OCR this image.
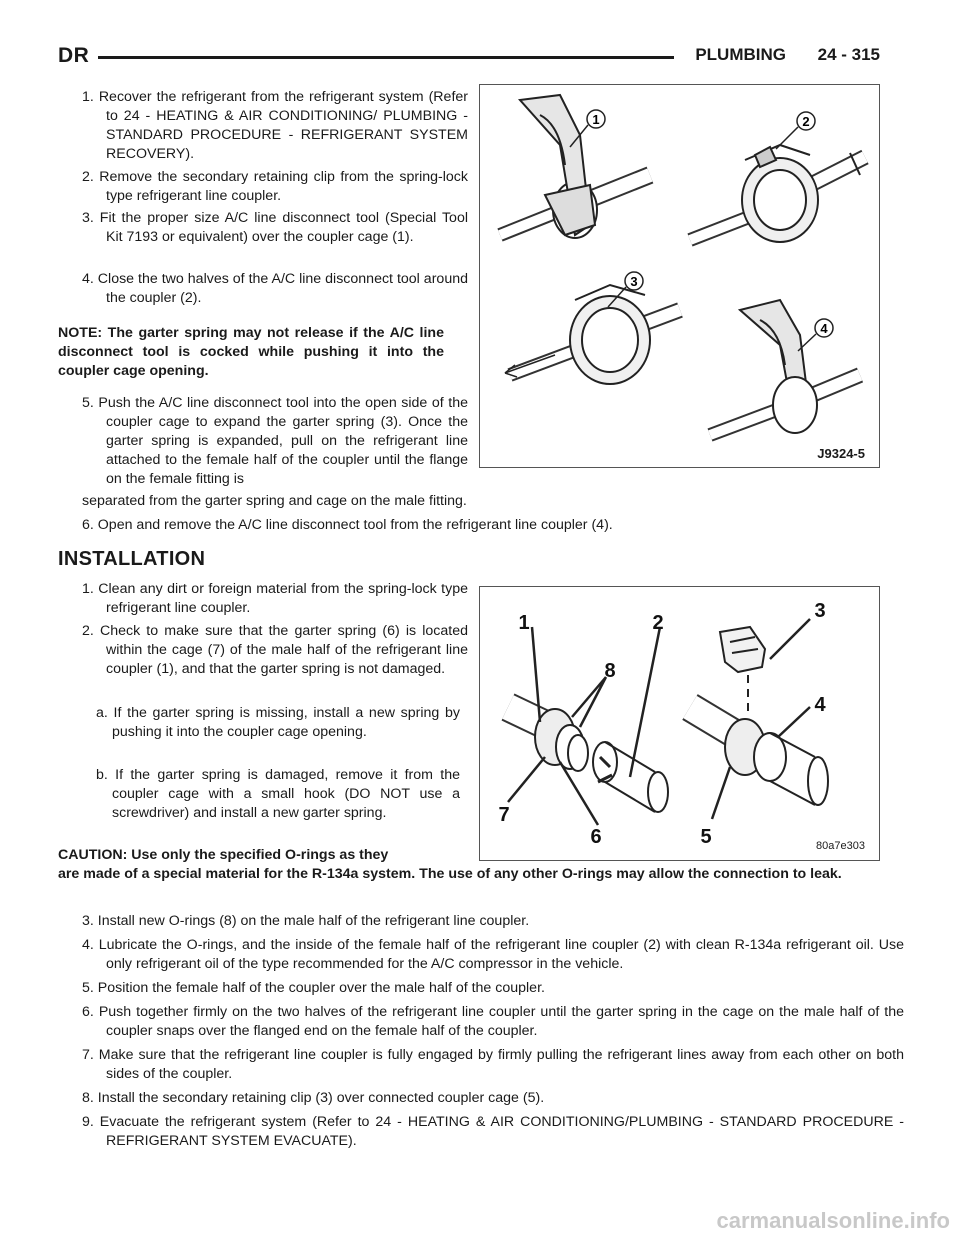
DR	PLUMBING 24 - 315
1. Recover the refrigerant from the refrigerant system (Refer to 24 - HEATING & AIR CONDITIONING/ PLUMBING - STANDARD PROCEDURE - REFRIGERANT SYSTEM RECOVERY).
2. Remove the secondary retaining clip from the spring-lock type refrigerant line coupler.
3. Fit the proper size A/C line disconnect tool (Special Tool Kit 7193 or equivalent) over the coupler cage (1).
4. Close the two halves of the A/C line disconnect tool around the coupler (2).
NOTE: The garter spring may not release if the A/C line disconnect tool is cocked while pushing it into the coupler cage opening.
5. Push the A/C line disconnect tool into the open side of the coupler cage to expand the garter spring (3). Once the garter spring is expanded, pull on the refrigerant line attached to the female half of the coupler until the flange on the female fitting is
separated from the garter spring and cage on the male fitting.
6. Open and remove the A/C line disconnect tool from the refrigerant line coupler (4).
1	2
3
4
J9324-5
INSTALLATION
1. Clean any dirt or foreign material from the spring-lock type refrigerant line coupler.
2. Check to make sure that the garter spring (6) is located within the cage (7) of the male half of the refrigerant line coupler (1), and that the garter spring is not damaged.
a. If the garter spring is missing, install a new spring by pushing it into the coupler cage opening.
b. If the garter spring is damaged, remove it from the coupler cage with a small hook (DO NOT use a screwdriver) and install a new garter spring.
CAUTION: Use only the specified O-rings as they
are made of a special material for the R-134a system. The use of any other O-rings may allow the connection to leak.
3. Install new O-rings (8) on the male half of the refrigerant line coupler.
4. Lubricate the O-rings, and the inside of the female half of the refrigerant line coupler (2) with clean R-134a refrigerant oil. Use only refrigerant oil of the type recommended for the A/C compressor in the vehicle.
5. Position the female half of the coupler over the male half of the coupler.
6. Push together firmly on the two halves of the refrigerant line coupler until the garter spring in the cage on the male half of the coupler snaps over the flanged end on the female half of the coupler.
7. Make sure that the refrigerant line coupler is fully engaged by firmly pulling the refrigerant lines away from each other on both sides of the coupler.
8. Install the secondary retaining clip (3) over connected coupler cage (5).
9. Evacuate the refrigerant system (Refer to 24 - HEATING & AIR CONDITIONING/PLUMBING - STANDARD PROCEDURE - REFRIGERANT SYSTEM EVACUATE).
1	2
3
4
5
6
7
8
80a7e303
carmanualsonline.info
